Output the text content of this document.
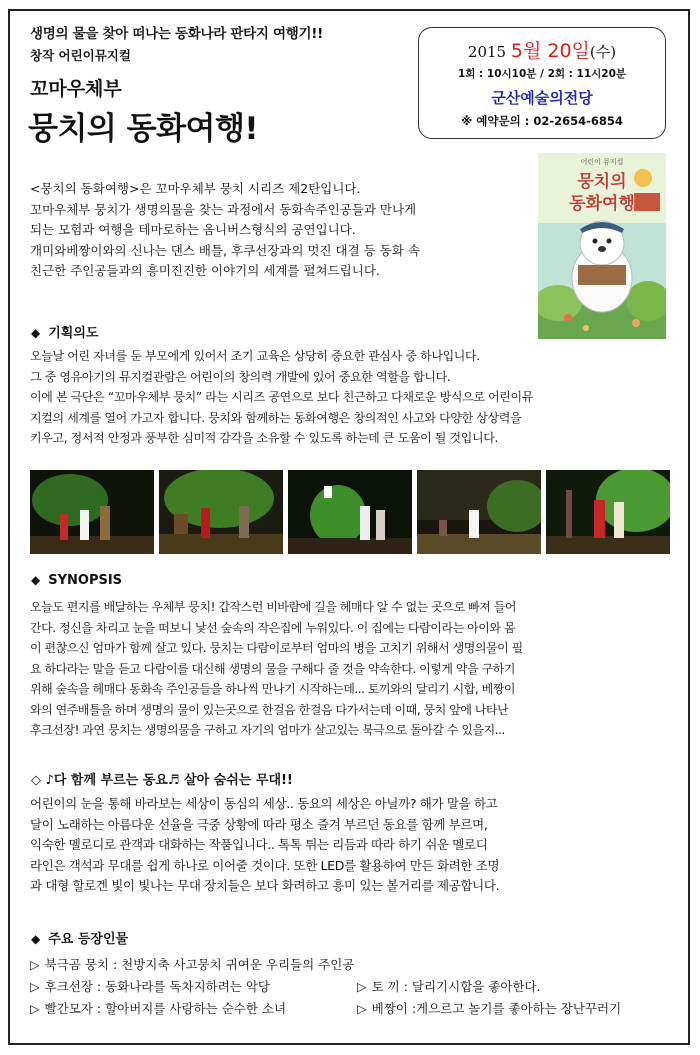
생명의 물을 찾아 떠나는 동화나라 판타지 여행기!!
창작 어린이뮤지컬
꼬마우체부
뭉치의 동화여행!
2015 5월 20일(수)
1회 : 10시10분 / 2회 : 11시20분
군산예술의전당
※ 예약문의 : 02-2654-6854
어린이 뮤지컬
뭉치의
동화여행
<뭉치의 동화여행>은 꼬마우체부 뭉치 시리즈 제2탄입니다.
꼬마우체부 뭉치가 생명의물을 찾는 과정에서 동화속주인공들과 만나게
되는 모험과 여행을 테마로하는 옴니버스형식의 공연입니다.
개미와베짱이와의 신나는 댄스 배틀, 후쿠선장과의 멋진 대결 등 동화 속
친근한 주인공들과의 흥미진진한 이야기의 세계를 펼쳐드립니다.
◆ 기획의도
오늘날 어린 자녀를 둔 부모에게 있어서 조기 교육은 상당히 중요한 관심사 중 하나입니다.
그 중 영유아기의 뮤지컬관람은 어린이의 창의력 개발에 있어 중요한 역할을 합니다.
이에 본 극단은 “꼬마우체부 뭉치” 라는 시리즈 공연으로 보다 친근하고 다채로운 방식으로 어린이뮤
지컬의 세계를 열어 가고자 합니다. 뭉치와 함께하는 동화여행은 창의적인 사고와 다양한 상상력을
키우고, 정서적 안정과 풍부한 심미적 감각을 소유할 수 있도록 하는데 큰 도움이 될 것입니다.
◆ SYNOPSIS
오늘도 편지를 배달하는 우체부 뭉치! 갑작스런 비바람에 길을 헤매다 알 수 없는 곳으로 빠져 들어
간다. 정신을 차리고 눈을 떠보니 낯선 숲속의 작은집에 누워있다. 이 집에는 다람이라는 아이와 몸
이 편찮으신 엄마가 함께 살고 있다. 뭉치는 다람이로부터 엄마의 병을 고치기 위해서 생명의물이 필
요 하다라는 말을 듣고 다람이를 대신해 생명의 물을 구해다 줄 것을 약속한다. 이렇게 약을 구하기
위해 숲속을 헤매다 동화속 주인공들을 하나씩 만나기 시작하는데... 토끼와의 달리기 시합, 베짱이
와의 연주배틀을 하며 생명의 물이 있는곳으로 한걸음 한걸음 다가서는데 이때, 뭉치 앞에 나타난
후크선장! 과연 뭉치는 생명의물을 구하고 자기의 엄마가 살고있는 북극으로 돌아갈 수 있을지...
◇ ♪다 함께 부르는 동요♬ 살아 숨쉬는 무대!!
어린이의 눈을 통해 바라보는 세상이 동심의 세상.. 동요의 세상은 아닐까? 해가 말을 하고
달이 노래하는 아름다운 선율을 극중 상황에 따라 평소 즐겨 부르던 동요를 함께 부르며,
익숙한 멜로디로 관객과 대화하는 작품입니다.. 톡톡 튀는 리듬과 따라 하기 쉬운 멜로디
라인은 객석과 무대를 쉽게 하나로 이어줄 것이다. 또한 LED를 활용하여 만든 화려한 조명
과 대형 할로겐 빛이 빛나는 무대 장치들은 보다 화려하고 흥미 있는 볼거리를 제공합니다.
◆ 주요 등장인물
▷ 북극곰 뭉치 : 천방지축 사고뭉치 귀여운 우리들의 주인공
▷ 후크선장 : 동화나라를 독차지하려는 악당	▷ 토 끼 : 달리기시합을 좋아한다.
▷ 빨간모자 : 할아버지를 사랑하는 순수한 소녀	▷ 베짱이 :게으르고 놀기를 좋아하는 장난꾸러기
